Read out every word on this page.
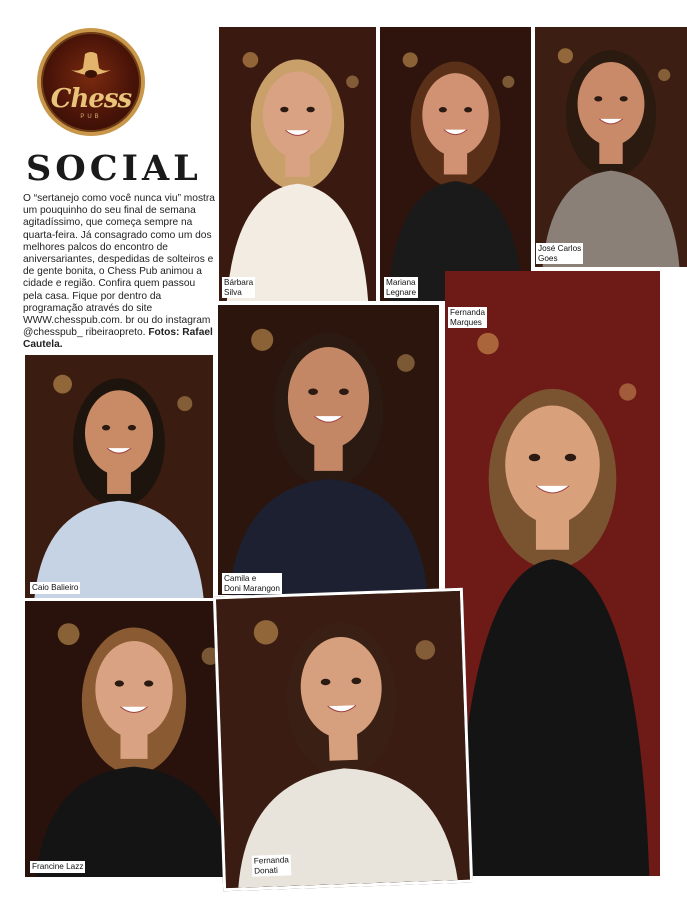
Chess
PUB
SOCIAL
O “sertanejo como você nunca viu” mostra um pouquinho do seu final de semana agitadíssimo, que começa sempre na quarta-feira. Já consagrado como um dos melhores palcos do encontro de aniversariantes, despedidas de solteiros e de gente bonita, o Chess Pub animou a cidade e região. Confira quem passou pela casa. Fique por dentro da programação através do site WWW.chesspub.com. br ou do instagram @chesspub_ ribeiraopreto. Fotos: Rafael Cautela.
Bárbara
Silva
Mariana
Legnare
José Carlos
Goes
Fernanda
Marques
Caio Balieiro
Camila e
Doni Marangon
Francine Lazz
Fernanda
Donati
